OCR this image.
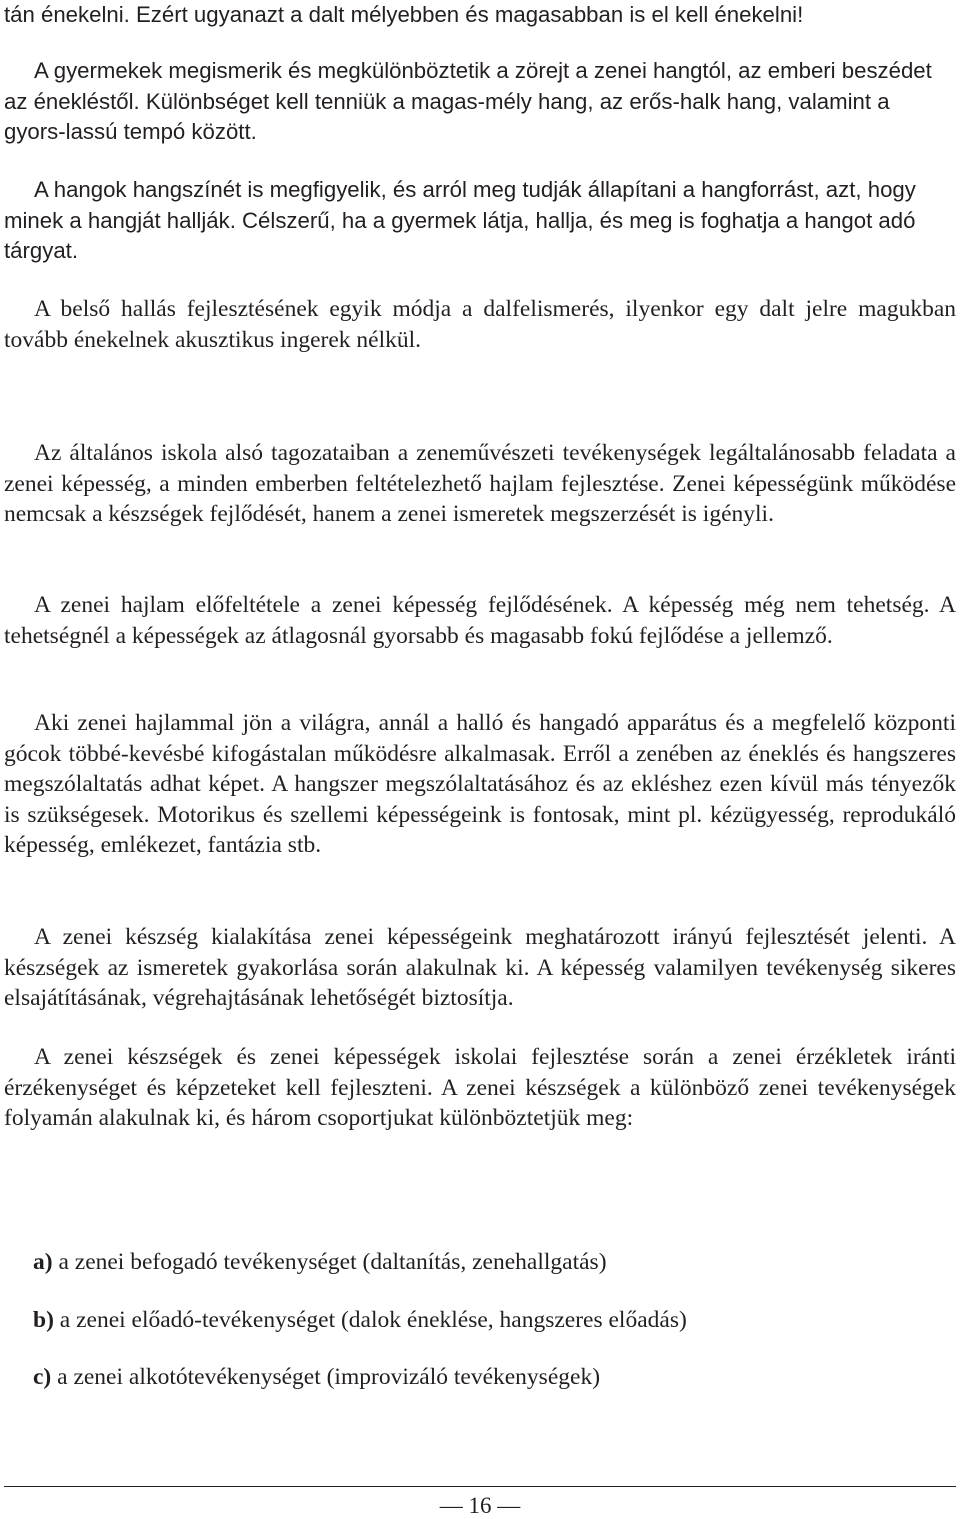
tán énekelni. Ezért ugyanazt a dalt mélyebben és magasabban is el kell énekelni!

A gyermekek megismerik és megkülönböztetik a zörejt a zenei hangtól, az emberi beszédet az énekléstől. Különbséget kell tenniük a magas-mély hang, az erős-halk hang, valamint a gyors-lassú tempó között.

A hangok hangszínét is megfigyelik, és arról meg tudják állapítani a hangforrást, azt, hogy minek a hangját hallják. Célszerű, ha a gyermek látja, hallja, és meg is foghatja a hangot adó tárgyat.

A belső hallás fejlesztésének egyik módja a dalfelismerés, ilyenkor egy dalt jelre magukban tovább énekelnek akusztikus ingerek nélkül.

Az általános iskola alsó tagozataiban a zeneművészeti tevékenységek legáltalánosabb feladata a zenei képesség, a minden emberben feltételezhető hajlam fejlesztése. Zenei képességünk működése nemcsak a készségek fejlődését, hanem a zenei ismeretek megszerzését is igényli.

A zenei hajlam előfeltétele a zenei képesség fejlődésének. A képesség még nem tehetség. A tehetségnél a képességek az átlagosnál gyorsabb és magasabb fokú fejlődése a jellemző.

Aki zenei hajlammal jön a világra, annál a halló és hangadó apparátus és a megfelelő központi gócok többé-kevésbé kifogástalan működésre alkalmasak. Erről a zenében az éneklés és hangszeres megszólaltatás adhat képet. A hangszer megszólaltatásához és az ekléshez ezen kívül más tényezők is szükségesek. Motorikus és szellemi képességeink is fontosak, mint pl. kézügyesség, reprodukáló képesség, emlékezet, fantázia stb.

A zenei készség kialakítása zenei képességeink meghatározott irányú fejlesztését jelenti. A készségek az ismeretek gyakorlása során alakulnak ki. A képesség valamilyen tevékenység sikeres elsajátításának, végrehajtásának lehetőségét biztosítja.

A zenei készségek és zenei képességek iskolai fejlesztése során a zenei érzékletek iránti érzékenységet és képzeteket kell fejleszteni. A zenei készségek a különböző zenei tevékenységek folyamán alakulnak ki, és három csoportjukat különböztetjük meg:

a) a zenei befogadó tevékenységet (daltanítás, zenehallgatás)

b) a zenei előadó-tevékenységet (dalok éneklése, hangszeres előadás)

c) a zenei alkotótevékenységet (improvizáló tevékenységek)

— 16 —
